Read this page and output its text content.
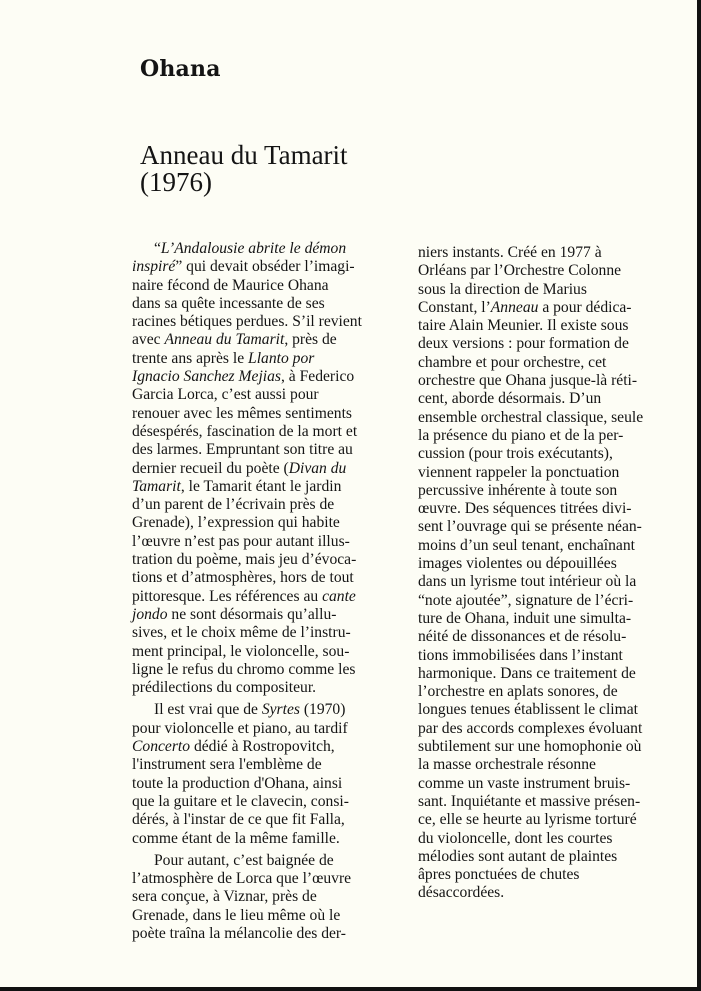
Ohana
Anneau du Tamarit
(1976)
“L’Andalousie abrite le démon
inspiré” qui devait obséder l’imagi-
naire fécond de Maurice Ohana
dans sa quête incessante de ses
racines bétiques perdues. S’il revient
avec Anneau du Tamarit, près de
trente ans après le Llanto por
Ignacio Sanchez Mejias, à Federico
Garcia Lorca, c’est aussi pour
renouer avec les mêmes sentiments
désespérés, fascination de la mort et
des larmes. Empruntant son titre au
dernier recueil du poète (Divan du
Tamarit, le Tamarit étant le jardin
d’un parent de l’écrivain près de
Grenade), l’expression qui habite
l’œuvre n’est pas pour autant illus-
tration du poème, mais jeu d’évoca-
tions et d’atmosphères, hors de tout
pittoresque. Les références au cante
jondo ne sont désormais qu’allu-
sives, et le choix même de l’instru-
ment principal, le violoncelle, sou-
ligne le refus du chromo comme les
prédilections du compositeur.
Il est vrai que de Syrtes (1970)
pour violoncelle et piano, au tardif
Concerto dédié à Rostropovitch,
l'instrument sera l'emblème de
toute la production d'Ohana, ainsi
que la guitare et le clavecin, consi-
dérés, à l'instar de ce que fit Falla,
comme étant de la même famille.
Pour autant, c’est baignée de
l’atmosphère de Lorca que l’œuvre
sera conçue, à Viznar, près de
Grenade, dans le lieu même où le
poète traîna la mélancolie des der-
niers instants. Créé en 1977 à
Orléans par l’Orchestre Colonne
sous la direction de Marius
Constant, l’Anneau a pour dédica-
taire Alain Meunier. Il existe sous
deux versions : pour formation de
chambre et pour orchestre, cet
orchestre que Ohana jusque-là réti-
cent, aborde désormais. D’un
ensemble orchestral classique, seule
la présence du piano et de la per-
cussion (pour trois exécutants),
viennent rappeler la ponctuation
percussive inhérente à toute son
œuvre. Des séquences titrées divi-
sent l’ouvrage qui se présente néan-
moins d’un seul tenant, enchaînant
images violentes ou dépouillées
dans un lyrisme tout intérieur où la
“note ajoutée”, signature de l’écri-
ture de Ohana, induit une simulta-
néité de dissonances et de résolu-
tions immobilisées dans l’instant
harmonique. Dans ce traitement de
l’orchestre en aplats sonores, de
longues tenues établissent le climat
par des accords complexes évoluant
subtilement sur une homophonie où
la masse orchestrale résonne
comme un vaste instrument bruis-
sant. Inquiétante et massive présen-
ce, elle se heurte au lyrisme torturé
du violoncelle, dont les courtes
mélodies sont autant de plaintes
âpres ponctuées de chutes
désaccordées.
